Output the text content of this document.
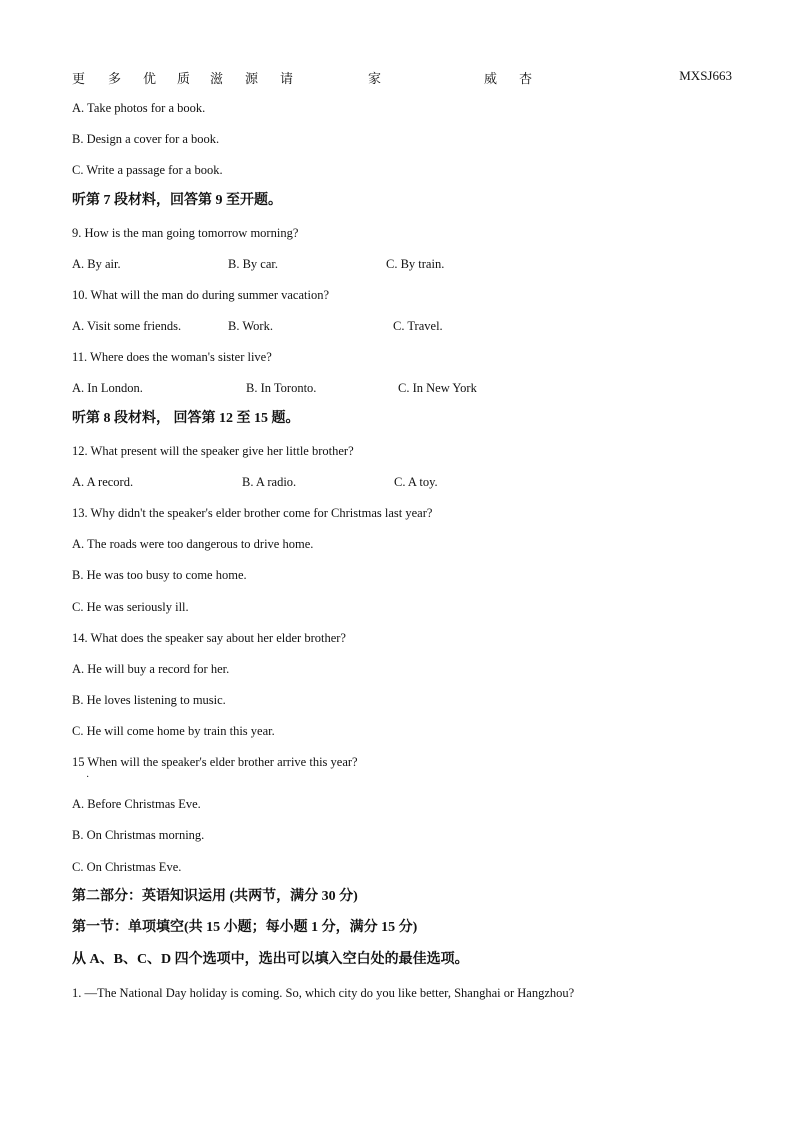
更 多 优 质 滋 源 请	家	威 杏	MXSJ663
A. Take photos for a book.
B. Design a cover for a book.
C. Write a passage for a book.
听第 7 段材料，回答第 9 至开题。
9. How is the man going tomorrow morning?
A. By air.	B. By car.	C. By train.
10. What will the man do during summer vacation?
A. Visit some friends.	B. Work.	C. Travel.
11. Where does the woman's sister live?
A. In London.	B. In Toronto.	C. In New York
听第 8 段材料， 回答第 12 至 15 题。
12. What present will the speaker give her little brother?
A. A record.	B. A radio.	C. A toy.
13. Why didn't the speaker's elder brother come for Christmas last year?
A. The roads were too dangerous to drive home.
B. He was too busy to come home.
C. He was seriously ill.
14. What does the speaker say about her elder brother?
A. He will buy a record for her.
B. He loves listening to music.
C. He will come home by train this year.
15 When will the speaker's elder brother arrive this year?
·
A. Before Christmas Eve.
B. On Christmas morning.
C. On Christmas Eve.
第二部分：英语知识运用 (共两节，满分 30 分)
第一节：单项填空(共 15 小题；每小题 1 分，满分 15 分)
从 A、B、C、D 四个选项中，选出可以填入空白处的最佳选项。
1. —The National Day holiday is coming. So, which city do you like better, Shanghai or Hangzhou?
